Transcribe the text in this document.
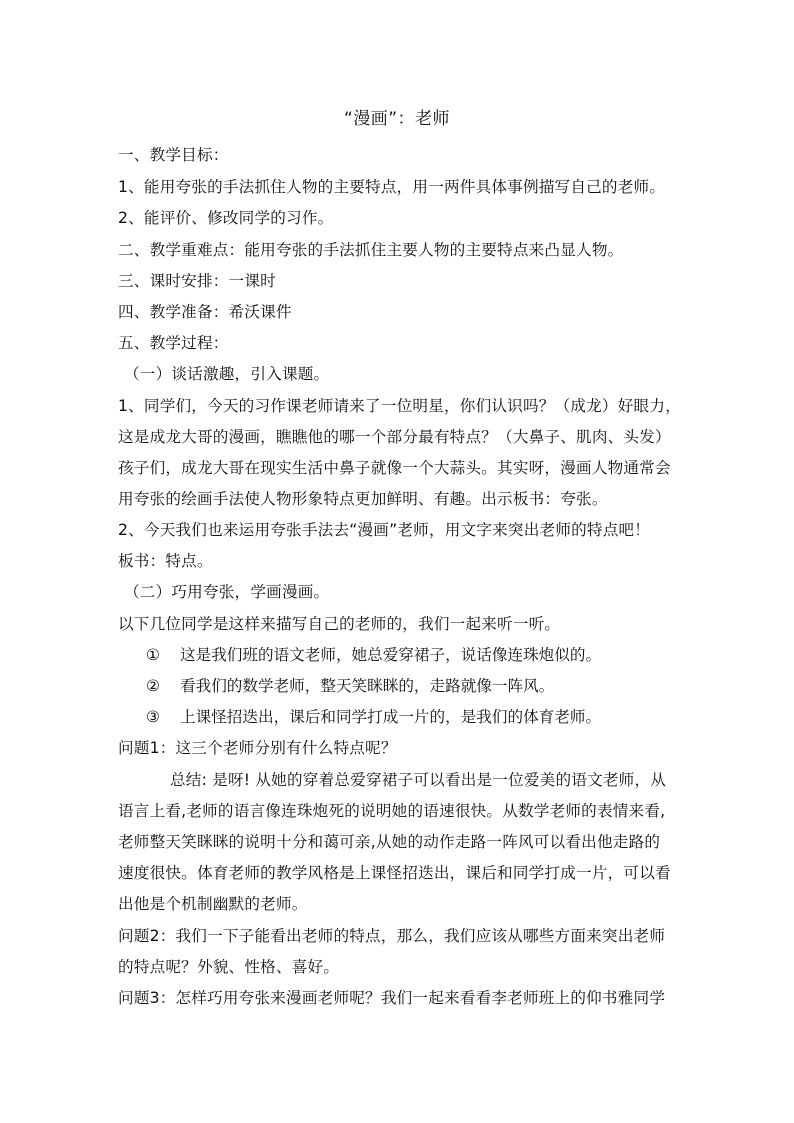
“漫画”：老师
一、教学目标：
1、能用夸张的手法抓住人物的主要特点，用一两件具体事例描写自己的老师。
2、能评价、修改同学的习作。
二、教学重难点：能用夸张的手法抓住主要人物的主要特点来凸显人物。
三、课时安排：一课时
四、教学准备：希沃课件
五、教学过程：
（一）谈话激趣，引入课题。
1、同学们，今天的习作课老师请来了一位明星，你们认识吗？（成龙）好眼力，
这是成龙大哥的漫画，瞧瞧他的哪一个部分最有特点？（大鼻子、肌肉、头发）
孩子们，成龙大哥在现实生活中鼻子就像一个大蒜头。其实呀，漫画人物通常会
用夸张的绘画手法使人物形象特点更加鲜明、有趣。出示板书：夸张。
2、今天我们也来运用夸张手法去“漫画”老师，用文字来突出老师的特点吧！
板书：特点。
（二）巧用夸张，学画漫画。
以下几位同学是这样来描写自己的老师的，我们一起来听一听。
① 这是我们班的语文老师，她总爱穿裙子，说话像连珠炮似的。
② 看我们的数学老师，整天笑眯眯的，走路就像一阵风。
③ 上课怪招迭出，课后和同学打成一片的，是我们的体育老师。
问题1：这三个老师分别有什么特点呢？
总结: 是呀! 从她的穿着总爱穿裙子可以看出是一位爱美的语文老师，从
语言上看,老师的语言像连珠炮死的说明她的语速很快。从数学老师的表情来看,
老师整天笑眯眯的说明十分和蔼可亲,从她的动作走路一阵风可以看出他走路的
速度很快。体育老师的教学风格是上课怪招迭出，课后和同学打成一片，可以看
出他是个机制幽默的老师。
问题2：我们一下子能看出老师的特点，那么，我们应该从哪些方面来突出老师
的特点呢？外貌、性格、喜好。
问题3：怎样巧用夸张来漫画老师呢？我们一起来看看李老师班上的仰书雅同学
